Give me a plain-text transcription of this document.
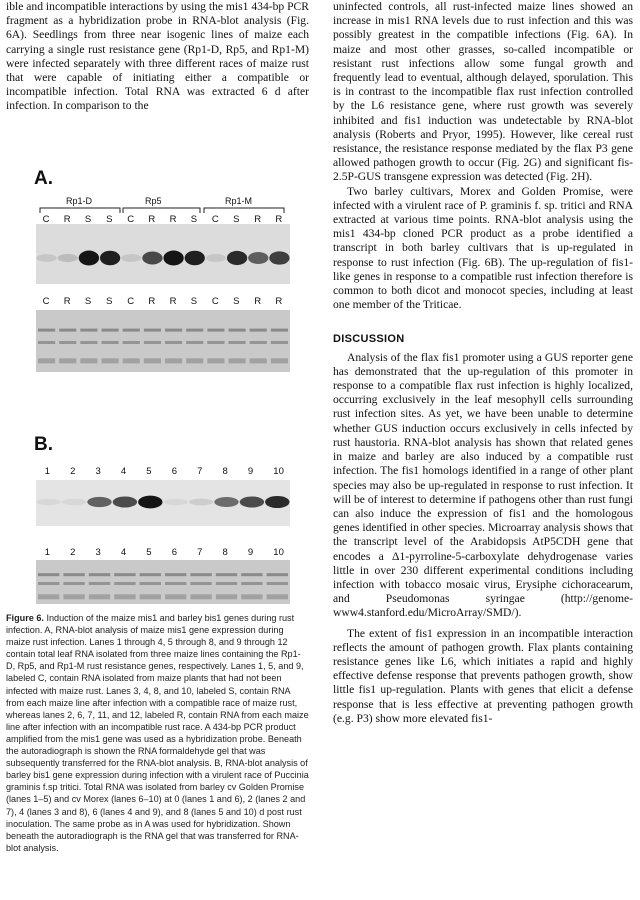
ible and incompatible interactions by using the mis1 434-bp PCR fragment as a hybridization probe in RNA-blot analysis (Fig. 6A). Seedlings from three near isogenic lines of maize each carrying a single rust resistance gene (Rp1-D, Rp5, and Rp1-M) were infected separately with three different races of maize rust that were capable of initiating either a compatible or incompatible infection. Total RNA was extracted 6 d after infection. In comparison to the

A.
Rp1-D	Rp5	Rp1-M
B.
C R S S C R R S C S R R
C R S S C R R S C S R R
1 2 3 4 5 6 7 8 9 10
1 2 3 4 5 6 7 8 9 10
Figure 6. Induction of the maize mis1 and barley bis1 genes during rust infection. A, RNA-blot analysis of maize mis1 gene expression during maize rust infection. Lanes 1 through 4, 5 through 8, and 9 through 12 contain total leaf RNA isolated from three maize lines containing the Rp1-D, Rp5, and Rp1-M rust resistance genes, respectively. Lanes 1, 5, and 9, labeled C, contain RNA isolated from maize plants that had not been infected with maize rust. Lanes 3, 4, 8, and 10, labeled S, contain RNA from each maize line after infection with a compatible race of maize rust, whereas lanes 2, 6, 7, 11, and 12, labeled R, contain RNA from each maize line after infection with an incompatible rust race. A 434-bp PCR product amplified from the mis1 gene was used as a hybridization probe. Beneath the autoradiograph is shown the RNA formaldehyde gel that was subsequently transferred for the RNA-blot analysis. B, RNA-blot analysis of barley bis1 gene expression during infection with a virulent race of Puccinia graminis f.sp tritici. Total RNA was isolated from barley cv Golden Promise (lanes 1–5) and cv Morex (lanes 6–10) at 0 (lanes 1 and 6), 2 (lanes 2 and 7), 4 (lanes 3 and 8), 6 (lanes 4 and 9), and 8 (lanes 5 and 10) d post rust inoculation. The same probe as in A was used for hybridization. Shown beneath the autoradiograph is the RNA gel that was transferred for RNA-blot analysis.

uninfected controls, all rust-infected maize lines showed an increase in mis1 RNA levels due to rust infection and this was possibly greatest in the compatible infections (Fig. 6A). In maize and most other grasses, so-called incompatible or resistant rust infections allow some fungal growth and frequently lead to eventual, although delayed, sporulation. This is in contrast to the incompatible flax rust infection controlled by the L6 resistance gene, where rust growth was severely inhibited and fis1 induction was undetectable by RNA-blot analysis (Roberts and Pryor, 1995). However, like cereal rust resistance, the resistance response mediated by the flax P3 gene allowed pathogen growth to occur (Fig. 2G) and significant fis-2.5P-GUS transgene expression was detected (Fig. 2H).

Two barley cultivars, Morex and Golden Promise, were infected with a virulent race of P. graminis f. sp. tritici and RNA extracted at various time points. RNA-blot analysis using the mis1 434-bp cloned PCR product as a probe identified a transcript in both barley cultivars that is up-regulated in response to rust infection (Fig. 6B). The up-regulation of fis1-like genes in response to a compatible rust infection therefore is common to both dicot and monocot species, including at least one member of the Triticae.

DISCUSSION

Analysis of the flax fis1 promoter using a GUS reporter gene has demonstrated that the up-regulation of this promoter in response to a compatible flax rust infection is highly localized, occurring exclusively in the leaf mesophyll cells surrounding rust infection sites. As yet, we have been unable to determine whether GUS induction occurs exclusively in cells infected by rust haustoria. RNA-blot analysis has shown that related genes in maize and barley are also induced by a compatible rust infection. The fis1 homologs identified in a range of other plant species may also be up-regulated in response to rust infection. It will be of interest to determine if pathogens other than rust fungi can also induce the expression of fis1 and the homologous genes identified in other species. Microarray analysis shows that the transcript level of the Arabidopsis AtP5CDH gene that encodes a Δ1-pyrroline-5-carboxylate dehydrogenase varies little in over 230 different experimental conditions including infection with tobacco mosaic virus, Erysiphe cichoracearum, and Pseudomonas syringae (http://genome-www4.stanford.edu/MicroArray/SMD/).

The extent of fis1 expression in an incompatible interaction reflects the amount of pathogen growth. Flax plants containing resistance genes like L6, which initiates a rapid and highly effective defense response that prevents pathogen growth, show little fis1 up-regulation. Plants with genes that elicit a defense response that is less effective at preventing pathogen growth (e.g. P3) show more elevated fis1-
